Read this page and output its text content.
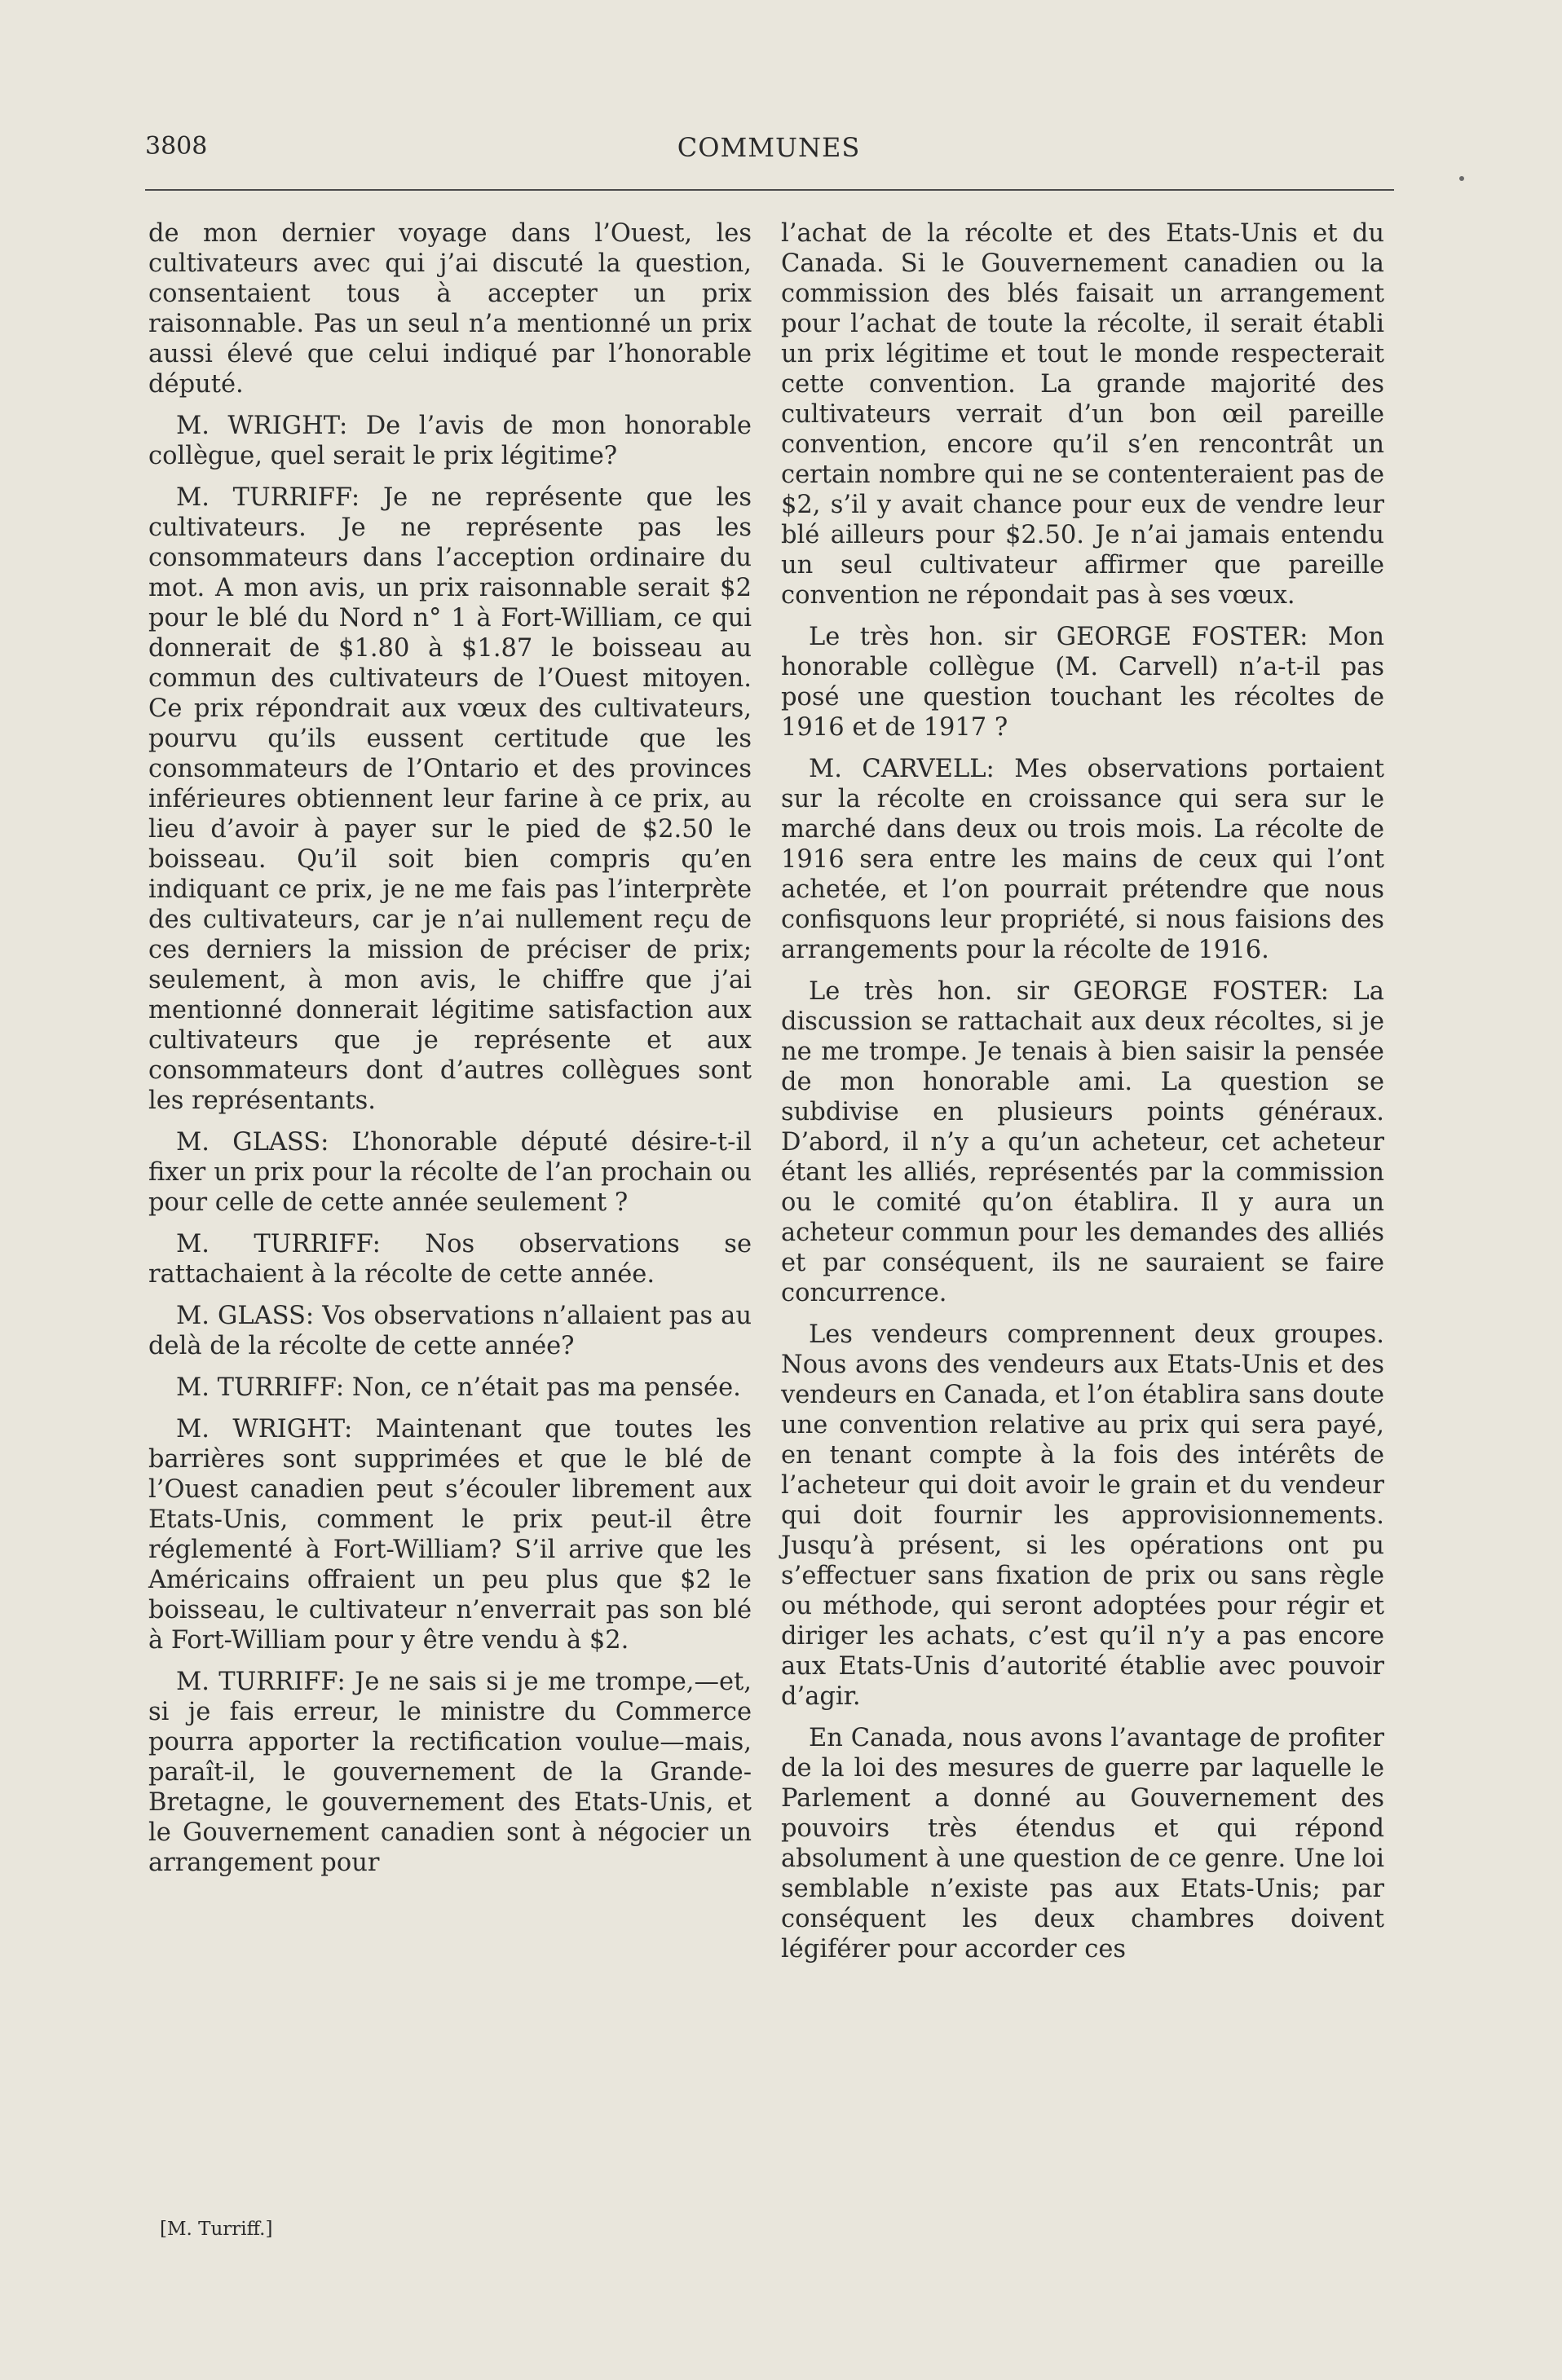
3808	COMMUNES

de mon dernier voyage dans l’Ouest, les cultivateurs avec qui j’ai discuté la question, consentaient tous à accepter un prix raisonnable. Pas un seul n’a mentionné un prix aussi élevé que celui indiqué par l’honorable député.

M. WRIGHT: De l’avis de mon honorable collègue, quel serait le prix légitime?

M. TURRIFF: Je ne représente que les cultivateurs. Je ne représente pas les consommateurs dans l’acception ordinaire du mot. A mon avis, un prix raisonnable serait $2 pour le blé du Nord n° 1 à Fort-William, ce qui donnerait de $1.80 à $1.87 le boisseau au commun des cultivateurs de l’Ouest mitoyen. Ce prix répondrait aux vœux des cultivateurs, pourvu qu’ils eussent certitude que les consommateurs de l’Ontario et des provinces inférieures obtiennent leur farine à ce prix, au lieu d’avoir à payer sur le pied de $2.50 le boisseau. Qu’il soit bien compris qu’en indiquant ce prix, je ne me fais pas l’interprète des cultivateurs, car je n’ai nullement reçu de ces derniers la mission de préciser de prix; seulement, à mon avis, le chiffre que j’ai mentionné donnerait légitime satisfaction aux cultivateurs que je représente et aux consommateurs dont d’autres collègues sont les représentants.

M. GLASS: L’honorable député désire-t-il fixer un prix pour la récolte de l’an prochain ou pour celle de cette année seulement ?

M. TURRIFF: Nos observations se rattachaient à la récolte de cette année.

M. GLASS: Vos observations n’allaient pas au delà de la récolte de cette année?

M. TURRIFF: Non, ce n’était pas ma pensée.

M. WRIGHT: Maintenant que toutes les barrières sont supprimées et que le blé de l’Ouest canadien peut s’écouler librement aux Etats-Unis, comment le prix peut-il être réglementé à Fort-William? S’il arrive que les Américains offraient un peu plus que $2 le boisseau, le cultivateur n’enverrait pas son blé à Fort-William pour y être vendu à $2.

M. TURRIFF: Je ne sais si je me trompe,—et, si je fais erreur, le ministre du Commerce pourra apporter la rectification voulue—mais, paraît-il, le gouvernement de la Grande-Bretagne, le gouvernement des Etats-Unis, et le Gouvernement canadien sont à négocier un arrangement pour

l’achat de la récolte et des Etats-Unis et du Canada. Si le Gouvernement canadien ou la commission des blés faisait un arrangement pour l’achat de toute la récolte, il serait établi un prix légitime et tout le monde respecterait cette convention. La grande majorité des cultivateurs verrait d’un bon œil pareille convention, encore qu’il s’en rencontrât un certain nombre qui ne se contenteraient pas de $2, s’il y avait chance pour eux de vendre leur blé ailleurs pour $2.50. Je n’ai jamais entendu un seul cultivateur affirmer que pareille convention ne répondait pas à ses vœux.

Le très hon. sir GEORGE FOSTER: Mon honorable collègue (M. Carvell) n’a-t-il pas posé une question touchant les récoltes de 1916 et de 1917 ?

M. CARVELL: Mes observations portaient sur la récolte en croissance qui sera sur le marché dans deux ou trois mois. La récolte de 1916 sera entre les mains de ceux qui l’ont achetée, et l’on pourrait prétendre que nous confisquons leur propriété, si nous faisions des arrangements pour la récolte de 1916.

Le très hon. sir GEORGE FOSTER: La discussion se rattachait aux deux récoltes, si je ne me trompe. Je tenais à bien saisir la pensée de mon honorable ami. La question se subdivise en plusieurs points généraux. D’abord, il n’y a qu’un acheteur, cet acheteur étant les alliés, représentés par la commission ou le comité qu’on établira. Il y aura un acheteur commun pour les demandes des alliés et par conséquent, ils ne sauraient se faire concurrence.

Les vendeurs comprennent deux groupes. Nous avons des vendeurs aux Etats-Unis et des vendeurs en Canada, et l’on établira sans doute une convention relative au prix qui sera payé, en tenant compte à la fois des intérêts de l’acheteur qui doit avoir le grain et du vendeur qui doit fournir les approvisionnements. Jusqu’à présent, si les opérations ont pu s’effectuer sans fixation de prix ou sans règle ou méthode, qui seront adoptées pour régir et diriger les achats, c’est qu’il n’y a pas encore aux Etats-Unis d’autorité établie avec pouvoir d’agir.

En Canada, nous avons l’avantage de profiter de la loi des mesures de guerre par laquelle le Parlement a donné au Gouvernement des pouvoirs très étendus et qui répond absolument à une question de ce genre. Une loi semblable n’existe pas aux Etats-Unis; par conséquent les deux chambres doivent légiférer pour accorder ces

[M. Turriff.]
